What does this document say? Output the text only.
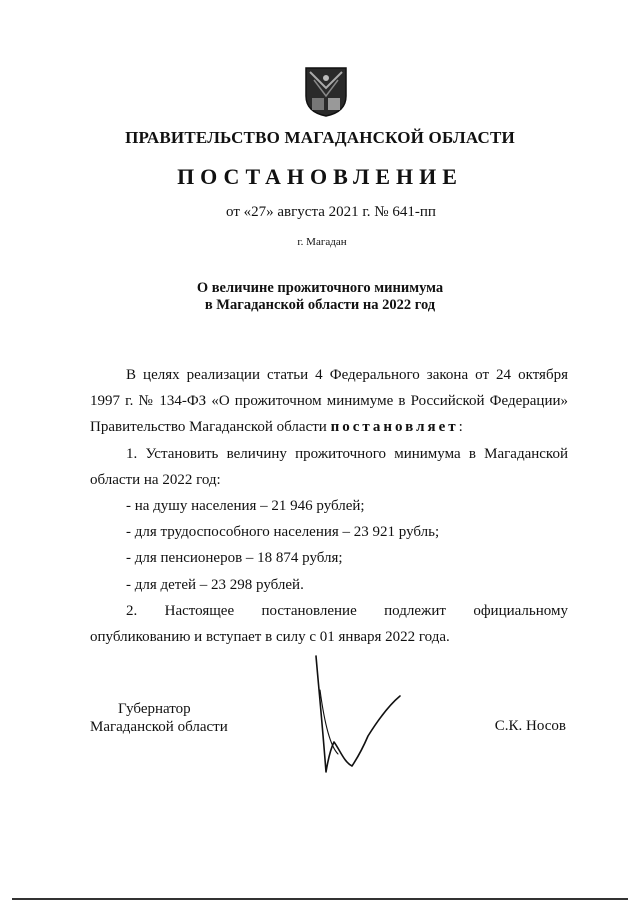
ПРАВИТЕЛЬСТВО МАГАДАНСКОЙ ОБЛАСТИ
ПОСТАНОВЛЕНИЕ
от «27» августа 2021 г. № 641-пп
г. Магадан
О величине прожиточного минимума
в Магаданской области на 2022 год

В целях реализации статьи 4 Федерального закона от 24 октября 1997 г. № 134-ФЗ «О прожиточном минимуме в Российской Федерации» Правительство Магаданской области постановляет:

1. Установить величину прожиточного минимума в Магаданской области на 2022 год:

- на душу населения – 21 946 рублей;

- для трудоспособного населения – 23 921 рубль;

- для пенсионеров – 18 874 рубля;

- для детей – 23 298 рублей.

2. Настоящее постановление подлежит официальному

опубликованию и вступает в силу с 01 января 2022 года.

Губернатор
Магаданской области	С.К. Носов
